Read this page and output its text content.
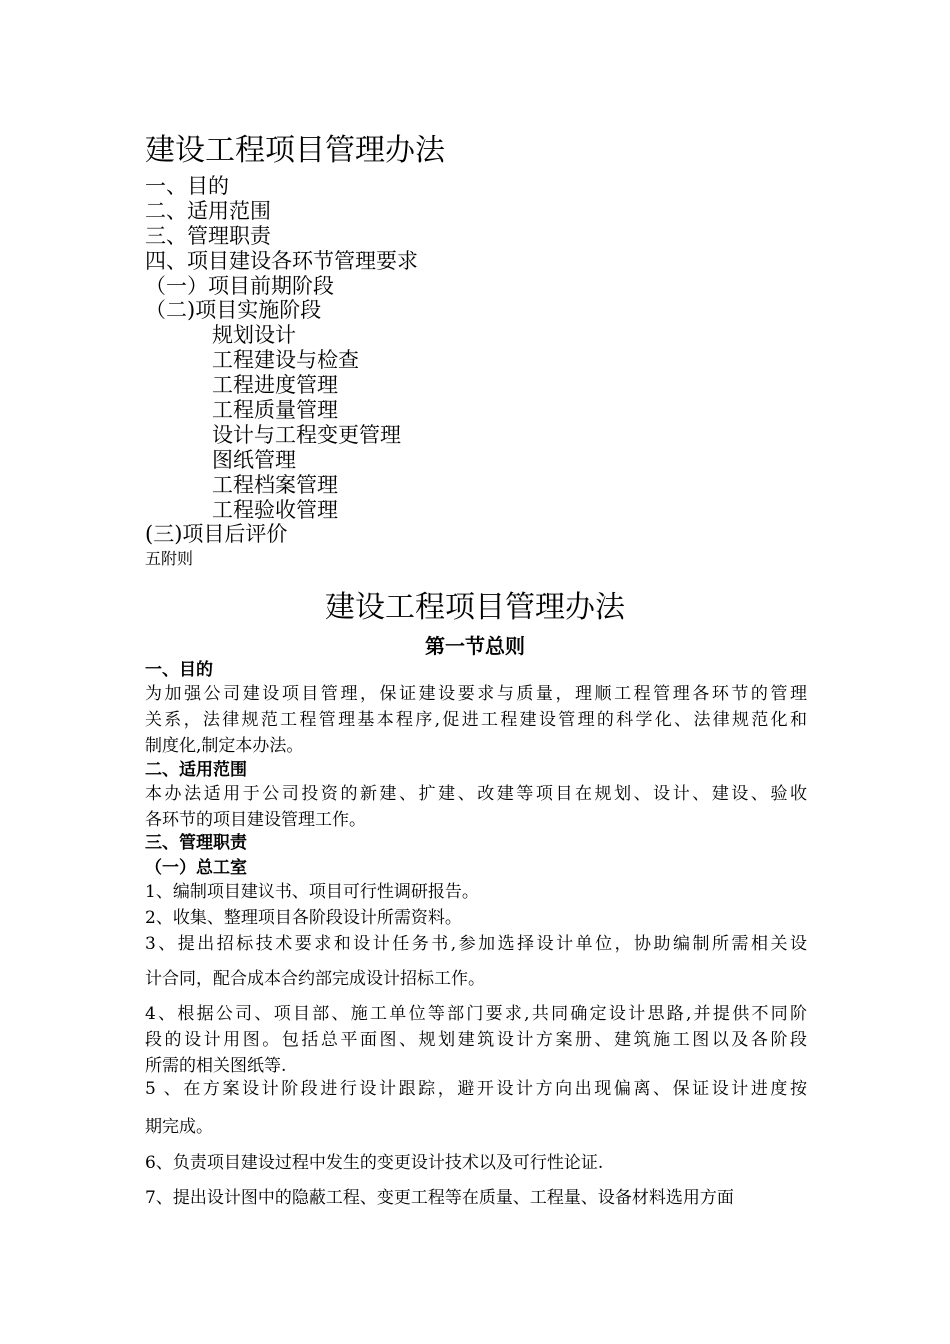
建设工程项目管理办法
一、目的
二、适用范围
三、管理职责
四、项目建设各环节管理要求
（一）项目前期阶段
（二)项目实施阶段
规划设计
工程建设与检查
工程进度管理
工程质量管理
设计与工程变更管理
图纸管理
工程档案管理
工程验收管理
(三)项目后评价
五附则
建设工程项目管理办法
第一节总则
一、目的
为加强公司建设项目管理，保证建设要求与质量，理顺工程管理各环节的管理
关系，法律规范工程管理基本程序,促进工程建设管理的科学化、法律规范化和
制度化,制定本办法。
二、适用范围
本办法适用于公司投资的新建、扩建、改建等项目在规划、设计、建设、验收
各环节的项目建设管理工作。
三、管理职责
（一）总工室
1、编制项目建议书、项目可行性调研报告。
2、收集、整理项目各阶段设计所需资料。
3、提出招标技术要求和设计任务书,参加选择设计单位，协助编制所需相关设
计合同，配合成本合约部完成设计招标工作。
4、根据公司、项目部、施工单位等部门要求,共同确定设计思路,并提供不同阶
段的设计用图。包括总平面图、规划建筑设计方案册、建筑施工图以及各阶段
所需的相关图纸等.
5 、在方案设计阶段进行设计跟踪，避开设计方向出现偏离、保证设计进度按
期完成。
6、负责项目建设过程中发生的变更设计技术以及可行性论证.
7、提出设计图中的隐蔽工程、变更工程等在质量、工程量、设备材料选用方面
